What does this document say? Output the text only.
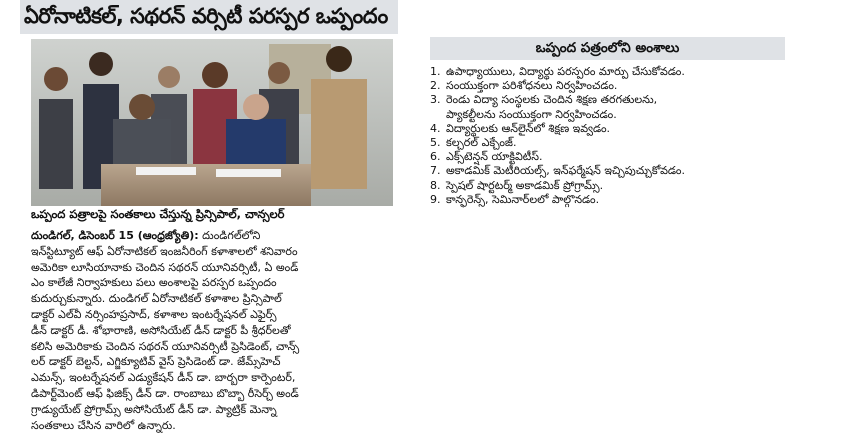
ఏరోనాటికల్, సథరన్ వర్సిటీ పరస్పర ఒప్పందం
ఒప్పంద పత్రాలపై సంతకాలు చేస్తున్న ప్రిన్సిపాల్, చాన్సలర్
దుండిగల్, డిసెంబర్ 15 (ఆంధ్రజ్యోతి): దుండిగల్‌లోని
ఇన్‌స్టిట్యూట్ ఆఫ్ ఏరోనాటికల్ ఇంజనీరింగ్ కళాశాలలో శనివారం
అమెరికా లూసియానాకు చెందిన సథరన్ యూనివర్సిటీ, ఏ అండ్
ఎం కాలేజీ నిర్వాహకులు పలు అంశాలపై పరస్పర ఒప్పందం
కుదుర్చుకున్నారు. దుండిగల్ ఏరోనాటికల్ కళాశాల ప్రిన్సిపాల్
డాక్టర్ ఎల్‌వీ నర్సింహప్రసాద్, కళాశాల ఇంటర్నేషనల్ ఎఫైర్స్
డీన్ డాక్టర్ డీ. శోభారాణి, అసోసియేట్ డీన్ డాక్టర్ పీ శ్రీధర్‌లతో
కలిసి అమెరికాకు చెందిన సథరన్ యూనివర్సిటీ ప్రెసిడెంట్, చాన్స్
లర్ డాక్టర్ బెల్టన్, ఎగ్జిక్యూటివ్ వైస్ ప్రెసిడెంట్ డా. జేమ్స్‌హెచ్
ఎమన్స్, ఇంటర్నేషనల్ ఎడ్యుకేషన్ డీన్ డా. బార్బరా కార్పెంటర్,
డిపార్ట్‌మెంట్ ఆఫ్ ఫిజిక్స్ డీన్ డా. రాంబాబు బొబ్బా రీసెర్చ్ అండ్
గ్రాడ్యుయేట్ ప్రోగ్రామ్స్ అసోసియేట్ డీన్ డా. ప్యాట్రిక్ మెన్నా
సంతకాలు చేసిన వారిలో ఉన్నారు.
ఒప్పంద పత్రంలోని అంశాలు
1. ఉపాధ్యాయులు, విద్యార్థు పరస్పరం మార్పు చేసుకోవడం.
2. సంయుక్తంగా పరిశోధనలు నిర్వహించడం.
3. రెండు విద్యా సంస్థలకు చెందిన శిక్షణ తరగతులను,
ప్యాకల్టీలను సంయుక్తంగా నిర్వహించడం.
4. విద్యార్థులకు ఆన్‌లైన్‌లో శిక్షణ ఇవ్వడం.
5. కల్చరల్ ఎక్చేంజ్.
6. ఎక్స్‌టెన్షన్ యాక్టివిటీస్.
7. అకాడమిక్ మెటీరియల్స్, ఇన్‌ఫర్మేషన్ ఇచ్చిపుచ్చుకోవడం.
8. స్పెషల్ షార్టటర్మ్ అకాడమిక్ ప్రోగ్రామ్స్.
9. కాన్ఫరెన్స్, సెమినార్‌లలో పాల్గొనడం.
